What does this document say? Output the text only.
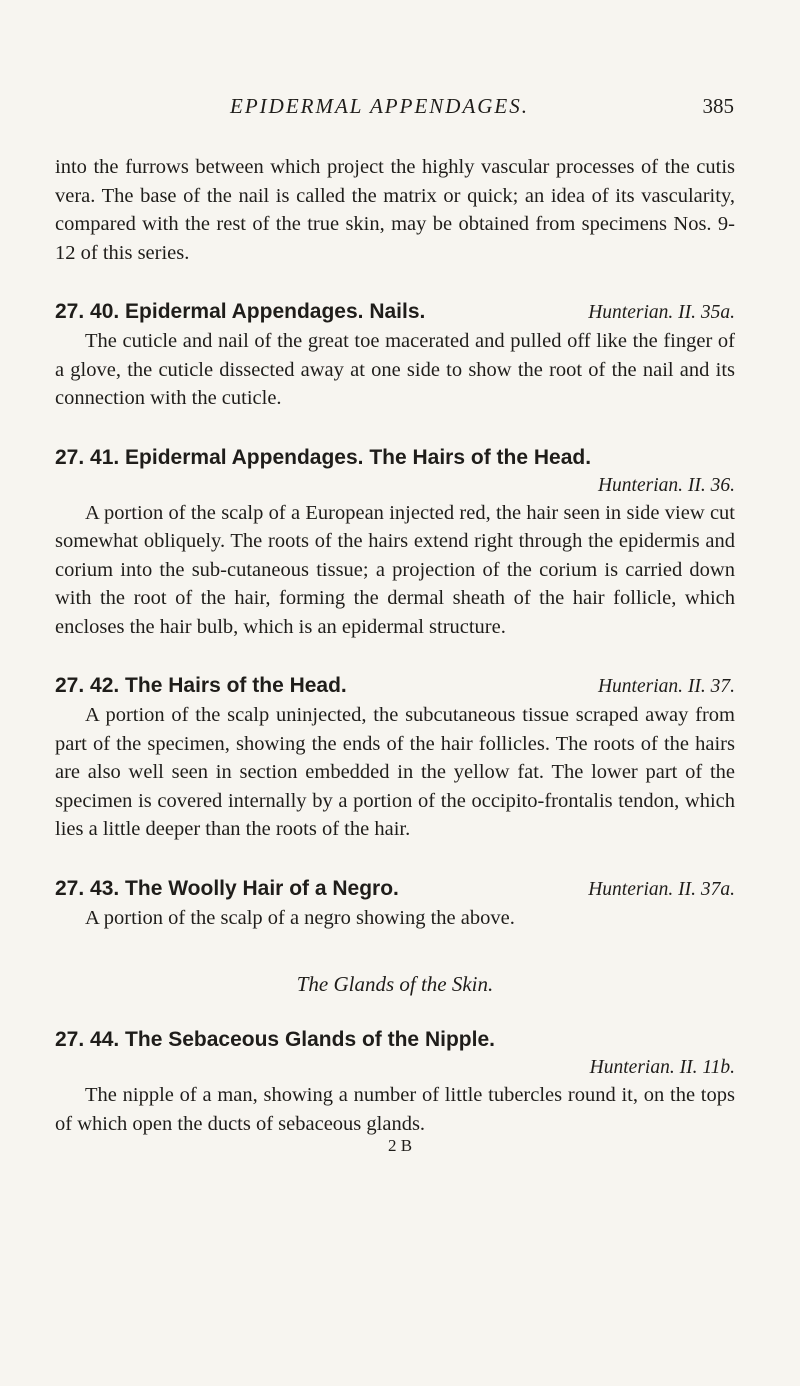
EPIDERMAL APPENDAGES.	385

into the furrows between which project the highly vascular processes of the cutis vera. The base of the nail is called the matrix or quick; an idea of its vascularity, compared with the rest of the true skin, may be obtained from specimens Nos. 9-12 of this series.

27. 40. Epidermal Appendages. Nails.	Hunterian. II. 35a.

The cuticle and nail of the great toe macerated and pulled off like the finger of a glove, the cuticle dissected away at one side to show the root of the nail and its connection with the cuticle.

27. 41. Epidermal Appendages. The Hairs of the Head.

Hunterian. II. 36.

A portion of the scalp of a European injected red, the hair seen in side view cut somewhat obliquely. The roots of the hairs extend right through the epidermis and corium into the sub-cutaneous tissue; a projection of the corium is carried down with the root of the hair, forming the dermal sheath of the hair follicle, which encloses the hair bulb, which is an epidermal structure.

27. 42. The Hairs of the Head.	Hunterian. II. 37.

A portion of the scalp uninjected, the subcutaneous tissue scraped away from part of the specimen, showing the ends of the hair follicles. The roots of the hairs are also well seen in section embedded in the yellow fat. The lower part of the specimen is covered internally by a portion of the occipito-frontalis tendon, which lies a little deeper than the roots of the hair.

27. 43. The Woolly Hair of a Negro.	Hunterian. II. 37a.

A portion of the scalp of a negro showing the above.

The Glands of the Skin.

27. 44. The Sebaceous Glands of the Nipple.

Hunterian. II. 11b.

The nipple of a man, showing a number of little tubercles round it, on the tops of which open the ducts of sebaceous glands.

2 B
